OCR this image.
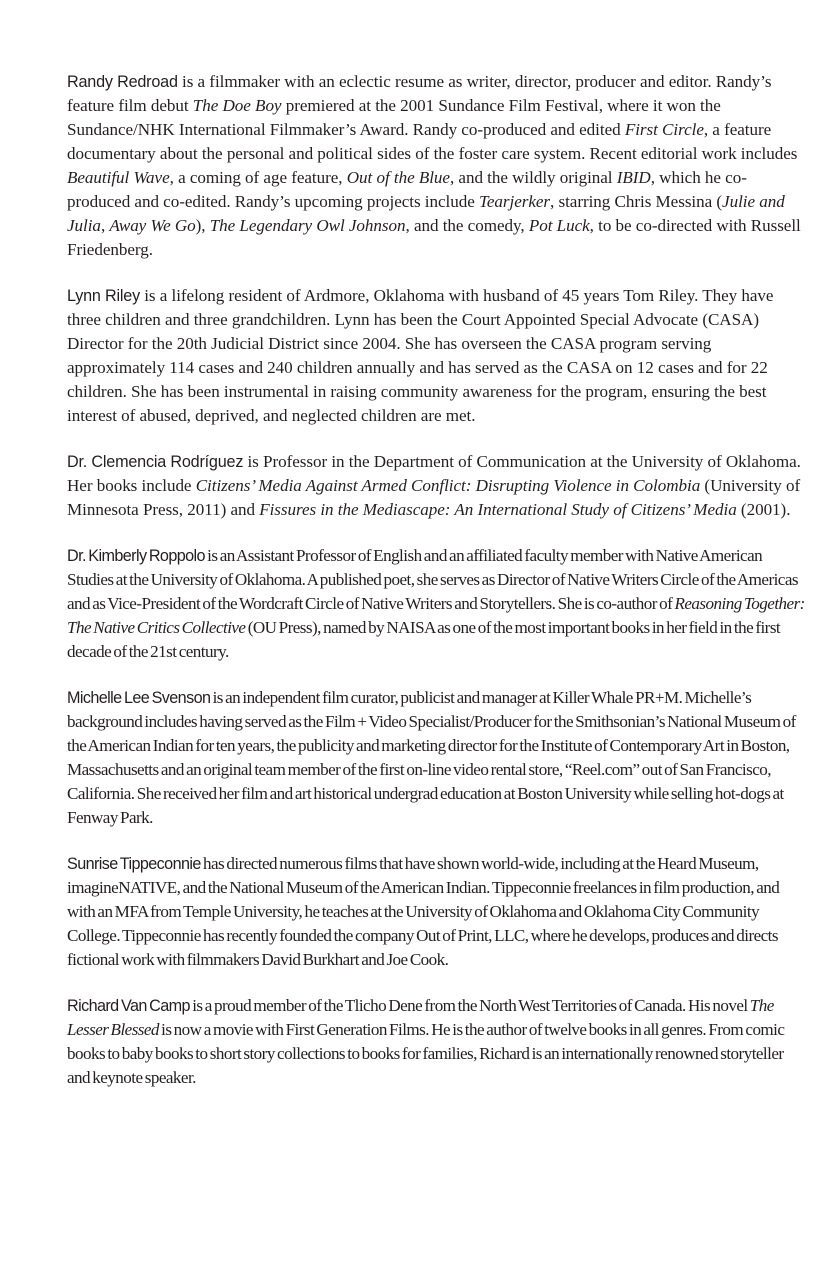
Randy Redroad is a filmmaker with an eclectic resume as writer, director, producer and editor. Randy’s feature film debut The Doe Boy premiered at the 2001 Sundance Film Festival, where it won the Sundance/NHK International Filmmaker’s Award. Randy co-produced and edited First Circle, a feature documentary about the personal and political sides of the foster care system. Recent editorial work includes Beautiful Wave, a coming of age feature, Out of the Blue, and the wildly original IBID, which he co-produced and co-edited. Randy’s upcoming projects include Tearjerker, starring Chris Messina (Julie and Julia, Away We Go), The Legendary Owl Johnson, and the comedy, Pot Luck, to be co-directed with Russell Friedenberg.

Lynn Riley is a lifelong resident of Ardmore, Oklahoma with husband of 45 years Tom Riley. They have three children and three grandchildren. Lynn has been the Court Appointed Special Advocate (CASA) Director for the 20th Judicial District since 2004. She has overseen the CASA program serving approximately 114 cases and 240 children annually and has served as the CASA on 12 cases and for 22 children. She has been instrumental in raising community awareness for the program, ensuring the best interest of abused, deprived, and neglected children are met.

Dr. Clemencia Rodríguez is Professor in the Department of Communication at the University of Oklahoma. Her books include Citizens’ Media Against Armed Conflict: Disrupting Violence in Colombia (University of Minnesota Press, 2011) and Fissures in the Mediascape: An International Study of Citizens’ Media (2001).

Dr. Kimberly Roppolo is an Assistant Professor of English and an affiliated faculty member with Native American Studies at the University of Oklahoma. A published poet, she serves as Director of Native Writers Circle of the Americas and as Vice-President of the Wordcraft Circle of Native Writers and Storytellers. She is co-author of Reasoning Together: The Native Critics Collective (OU Press), named by NAISA as one of the most important books in her field in the first decade of the 21st century.

Michelle Lee Svenson is an independent film curator, publicist and manager at Killer Whale PR+M. Michelle’s background includes having served as the Film + Video Specialist/Producer for the Smithsonian’s National Museum of the American Indian for ten years, the publicity and marketing director for the Institute of Contemporary Art in Boston, Massachusetts and an original team member of the first on-line video rental store, “Reel.com” out of San Francisco, California. She received her film and art historical undergrad education at Boston University while selling hot-dogs at Fenway Park.

Sunrise Tippeconnie has directed numerous films that have shown world-wide, including at the Heard Museum, imagineNATIVE, and the National Museum of the American Indian. Tippeconnie freelances in film production, and with an MFA from Temple University, he teaches at the University of Oklahoma and Oklahoma City Community College. Tippeconnie has recently founded the company Out of Print, LLC, where he develops, produces and directs fictional work with filmmakers David Burkhart and Joe Cook.

Richard Van Camp is a proud member of the Tlicho Dene from the North West Territories of Canada. His novel The Lesser Blessed is now a movie with First Generation Films. He is the author of twelve books in all genres. From comic books to baby books to short story collections to books for families, Richard is an internationally renowned storyteller and keynote speaker.
